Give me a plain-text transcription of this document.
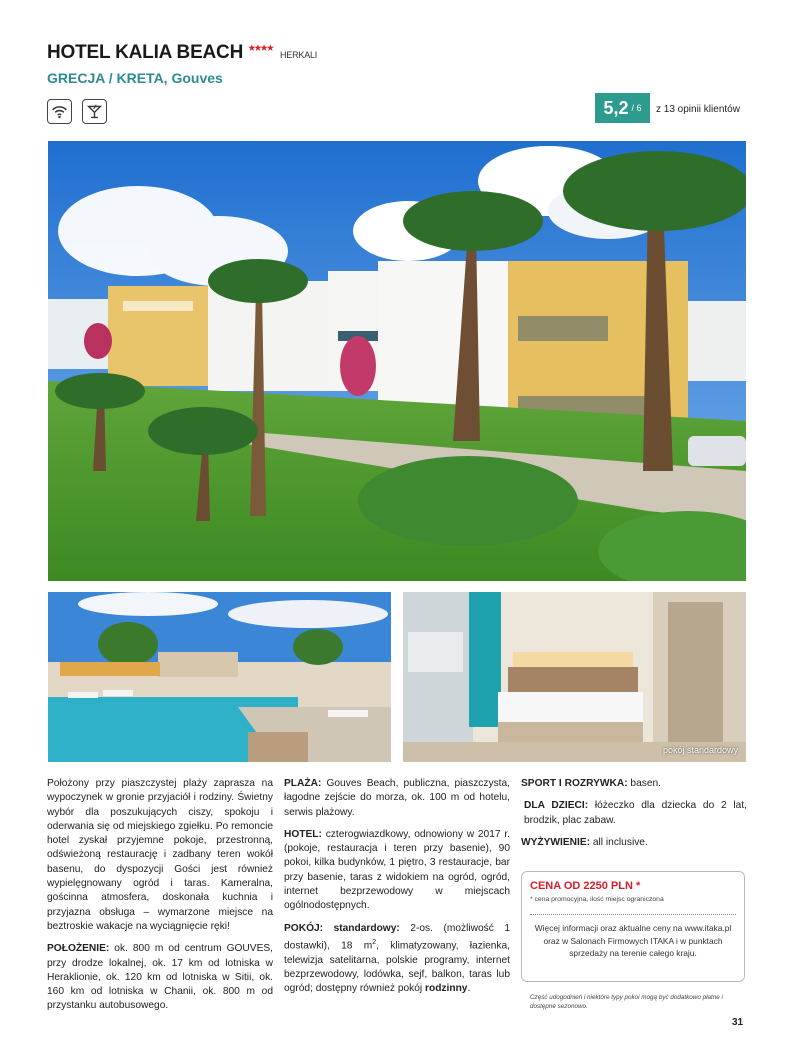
HOTEL KALIA BEACH ★★★★ HERKALI
GRECJA / KRETA, Gouves
5,2 / 6 z 13 opinii klientów
pokój standardowy

Położony przy piaszczystej plaży zaprasza na wypoczynek w gronie przyjaciół i rodziny. Świetny wybór dla poszukujących ciszy, spokoju i oderwania się od miejskiego zgiełku. Po remoncie hotel zyskał przyjemne pokoje, przestronną, odświeżoną restaurację i zadbany teren wokół basenu, do dyspozycji Gości jest również wypielęgnowany ogród i taras. Kameralna, gościnna atmosfera, doskonała kuchnia i przyjazna obsługa – wymarzone miejsce na beztroskie wakacje na wyciągnięcie ręki!

POŁOŻENIE: ok. 800 m od centrum GOUVES, przy drodze lokalnej, ok. 17 km od lotniska w Heraklionie, ok. 120 km od lotniska w Sitii, ok. 160 km od lotniska w Chanii, ok. 800 m od przystanku autobusowego.

PLAŻA: Gouves Beach, publiczna, piaszczysta, łagodne zejście do morza, ok. 100 m od hotelu, serwis plażowy.

HOTEL: czterogwiazdkowy, odnowiony w 2017 r. (pokoje, restauracja i teren przy basenie), 90 pokoi, kilka budynków, 1 piętro, 3 restauracje, bar przy basenie, taras z widokiem na ogród, ogród, internet bezprzewodowy w miejscach ogólnodostępnych.

POKÓJ: standardowy: 2-os. (możliwość 1 dostawki), 18 $m^2$, klimatyzowany, łazienka, telewizja satelitarna, polskie programy, internet bezprzewodowy, lodówka, sejf, balkon, taras lub ogród; dostępny również pokój rodzinny.

SPORT I ROZRYWKA: basen.

DLA DZIECI: łóżeczko dla dziecka do 2 lat, brodzik, plac zabaw.

WYŻYWIENIE: all inclusive.

CENA OD 2250 PLN *
* cena promocyjna, ilość miejsc ograniczona
Więcej informacji oraz aktualne ceny na www.itaka.pl oraz w Salonach Firmowych ITAKA i w punktach sprzedaży na terenie całego kraju.
Część udogodnień i niektóre typy pokoi mogą być dodatkowo płatne i dostępne sezonowo.
31
